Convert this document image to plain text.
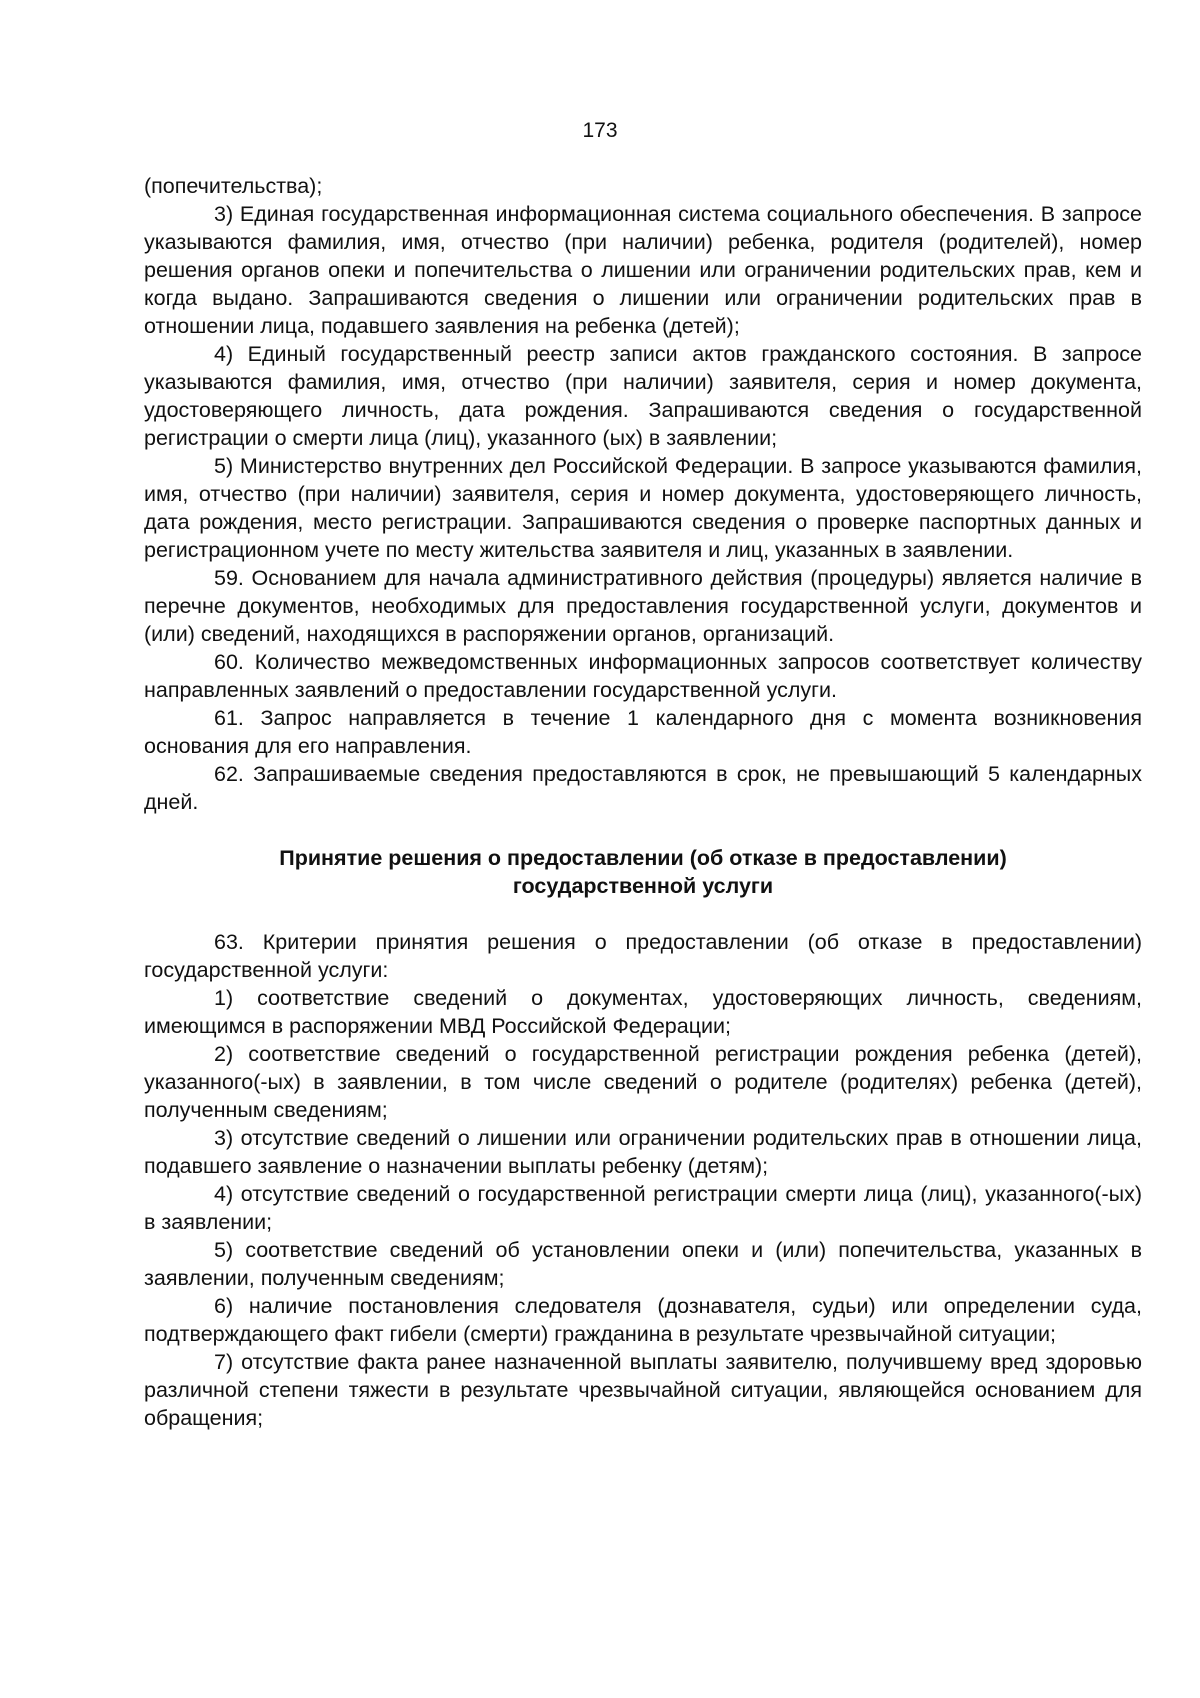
173

(попечительства);

3) Единая государственная информационная система социального обеспечения. В запросе указываются фамилия, имя, отчество (при наличии) ребенка, родителя (родителей), номер решения органов опеки и попечительства о лишении или ограничении родительских прав, кем и когда выдано. Запрашиваются сведения о лишении или ограничении родительских прав в отношении лица, подавшего заявления на ребенка (детей);

4) Единый государственный реестр записи актов гражданского состояния. В запросе указываются фамилия, имя, отчество (при наличии) заявителя, серия и номер документа, удостоверяющего личность, дата рождения. Запрашиваются сведения о государственной регистрации о смерти лица (лиц), указанного (ых) в заявлении;

5) Министерство внутренних дел Российской Федерации. В запросе указываются фамилия, имя, отчество (при наличии) заявителя, серия и номер документа, удостоверяющего личность, дата рождения, место регистрации. Запрашиваются сведения о проверке паспортных данных и регистрационном учете по месту жительства заявителя и лиц, указанных в заявлении.

59. Основанием для начала административного действия (процедуры) является наличие в перечне документов, необходимых для предоставления государственной услуги, документов и (или) сведений, находящихся в распоряжении органов, организаций.

60. Количество межведомственных информационных запросов соответствует количеству направленных заявлений о предоставлении государственной услуги.

61. Запрос направляется в течение 1 календарного дня с момента возникновения основания для его направления.

62. Запрашиваемые сведения предоставляются в срок, не превышающий 5 календарных дней.

Принятие решения о предоставлении (об отказе в предоставлении)
государственной услуги

63. Критерии принятия решения о предоставлении (об отказе в предоставлении) государственной услуги:

1) соответствие сведений о документах, удостоверяющих личность, сведениям, имеющимся в распоряжении МВД Российской Федерации;

2) соответствие сведений о государственной регистрации рождения ребенка (детей), указанного(-ых) в заявлении, в том числе сведений о родителе (родителях) ребенка (детей), полученным сведениям;

3) отсутствие сведений о лишении или ограничении родительских прав в отношении лица, подавшего заявление о назначении выплаты ребенку (детям);

4) отсутствие сведений о государственной регистрации смерти лица (лиц), указанного(-ых) в заявлении;

5) соответствие сведений об установлении опеки и (или) попечительства, указанных в заявлении, полученным сведениям;

6) наличие постановления следователя (дознавателя, судьи) или определении суда, подтверждающего факт гибели (смерти) гражданина в результате чрезвычайной ситуации;

7) отсутствие факта ранее назначенной выплаты заявителю, получившему вред здоровью различной степени тяжести в результате чрезвычайной ситуации, являющейся основанием для обращения;
